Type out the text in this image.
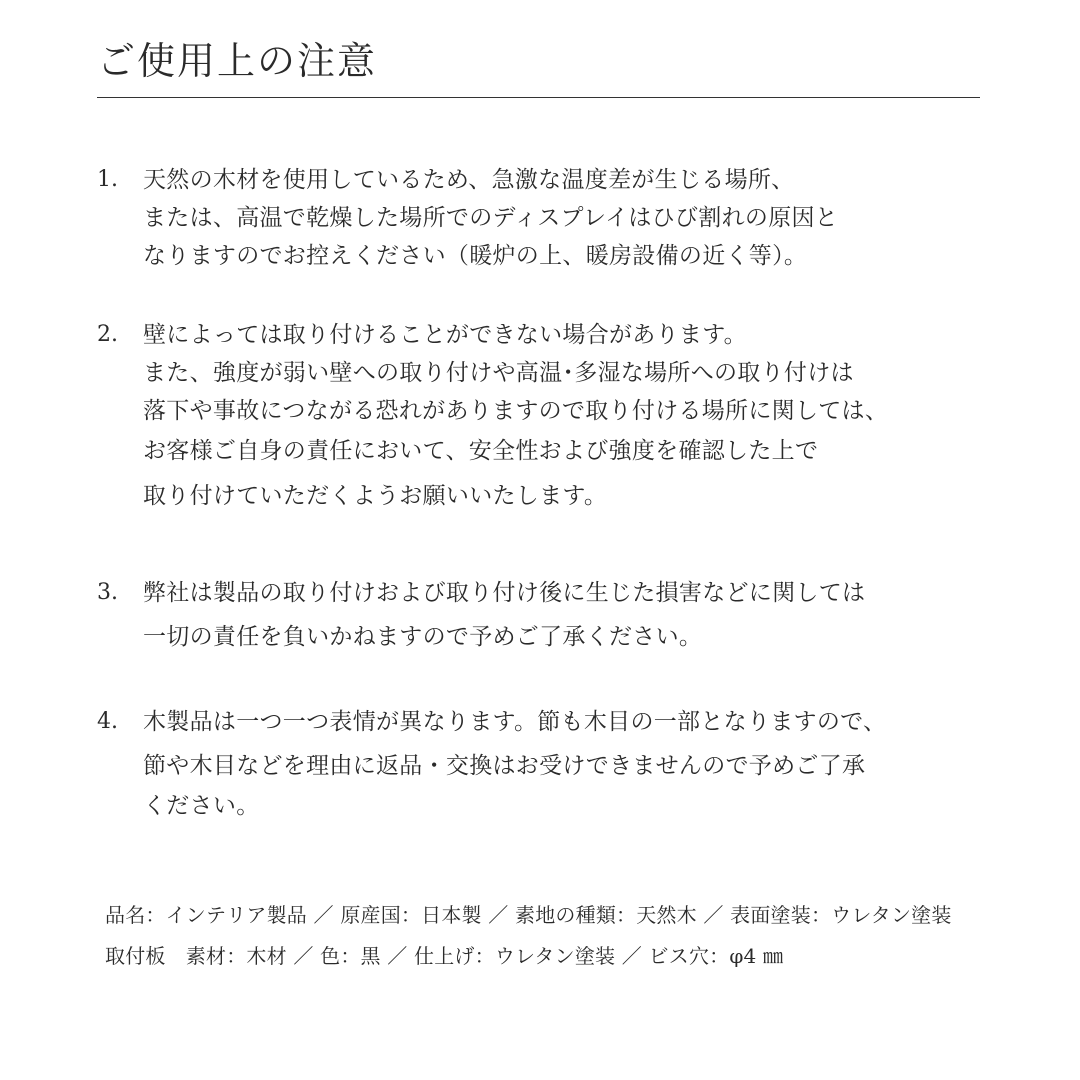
ご使用上の注意
1. 天然の木材を使用しているため、急激な温度差が生じる場所、
または、高温で乾燥した場所でのディスプレイはひび割れの原因と
なりますのでお控えください（暖炉の上、暖房設備の近く等）。
2. 壁によっては取り付けることができない場合があります。
また、強度が弱い壁への取り付けや高温･多湿な場所への取り付けは
落下や事故につながる恐れがありますので取り付ける場所に関しては、
お客様ご自身の責任において、安全性および強度を確認した上で
取り付けていただくようお願いいたします。
3. 弊社は製品の取り付けおよび取り付け後に生じた損害などに関しては
一切の責任を負いかねますので予めご了承ください。
4. 木製品は一つ一つ表情が異なります。節も木目の一部となりますので、
節や木目などを理由に返品・交換はお受けできませんので予めご了承
ください。
品名：インテリア製品 ／ 原産国：日本製 ／ 素地の種類：天然木 ／ 表面塗装：ウレタン塗装
取付板　素材：木材 ／ 色：黒 ／ 仕上げ：ウレタン塗装 ／ ビス穴：φ4 ㎜
